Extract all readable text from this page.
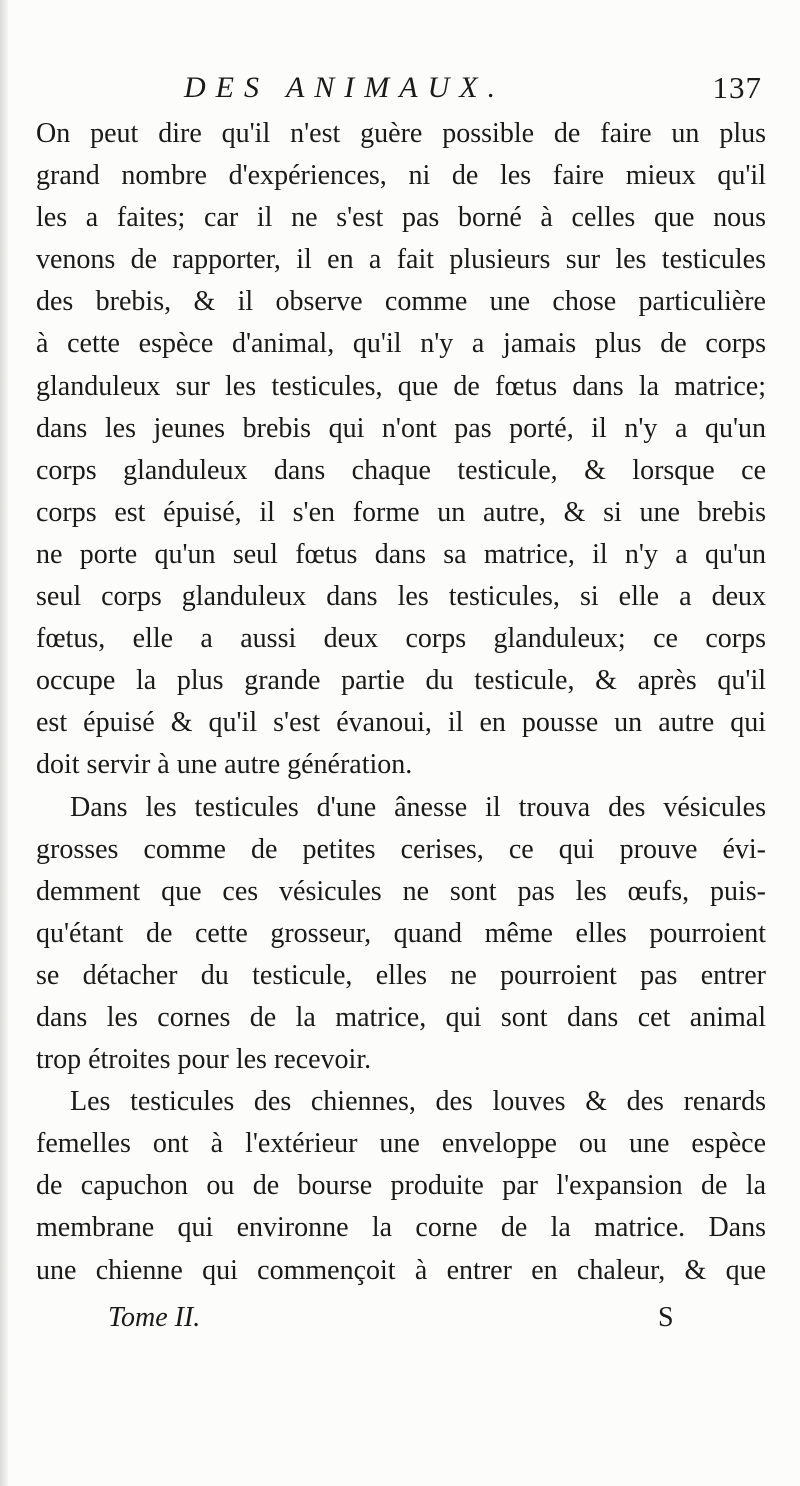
DES ANIMAUX.	137
On peut dire qu'il n'est guère possible de faire un plus
grand nombre d'expériences, ni de les faire mieux qu'il
les a faites; car il ne s'est pas borné à celles que nous
venons de rapporter, il en a fait plusieurs sur les testicules
des brebis, & il observe comme une chose particulière
à cette espèce d'animal, qu'il n'y a jamais plus de corps
glanduleux sur les testicules, que de fœtus dans la matrice;
dans les jeunes brebis qui n'ont pas porté, il n'y a qu'un
corps glanduleux dans chaque testicule, & lorsque ce
corps est épuisé, il s'en forme un autre, & si une brebis
ne porte qu'un seul fœtus dans sa matrice, il n'y a qu'un
seul corps glanduleux dans les testicules, si elle a deux
fœtus, elle a aussi deux corps glanduleux; ce corps
occupe la plus grande partie du testicule, & après qu'il
est épuisé & qu'il s'est évanoui, il en pousse un autre qui
doit servir à une autre génération.
Dans les testicules d'une ânesse il trouva des vésicules
grosses comme de petites cerises, ce qui prouve évi-
demment que ces vésicules ne sont pas les œufs, puis-
qu'étant de cette grosseur, quand même elles pourroient
se détacher du testicule, elles ne pourroient pas entrer
dans les cornes de la matrice, qui sont dans cet animal
trop étroites pour les recevoir.
Les testicules des chiennes, des louves & des renards
femelles ont à l'extérieur une enveloppe ou une espèce
de capuchon ou de bourse produite par l'expansion de la
membrane qui environne la corne de la matrice. Dans
une chienne qui commençoit à entrer en chaleur, & que
Tome II.	S
